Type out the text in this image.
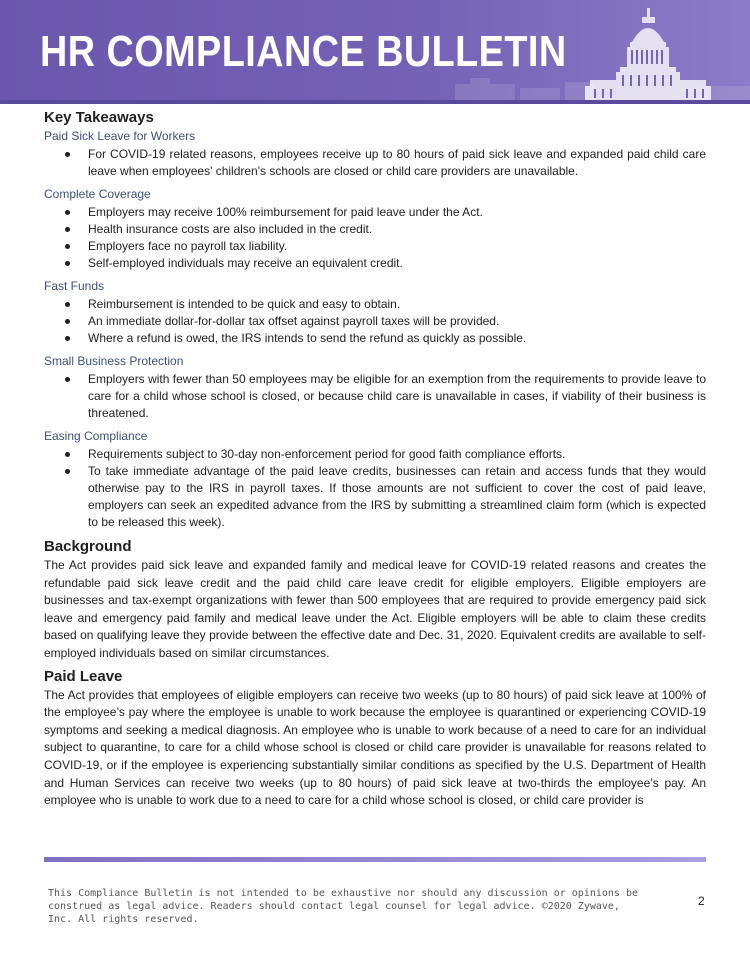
HR COMPLIANCE BULLETIN
Key Takeaways

Paid Sick Leave for Workers

For COVID-19 related reasons, employees receive up to 80 hours of paid sick leave and expanded paid child care leave when employees' children's schools are closed or child care providers are unavailable.

Complete Coverage

Employers may receive 100% reimbursement for paid leave under the Act.
Health insurance costs are also included in the credit.
Employers face no payroll tax liability.
Self-employed individuals may receive an equivalent credit.

Fast Funds

Reimbursement is intended to be quick and easy to obtain.
An immediate dollar-for-dollar tax offset against payroll taxes will be provided.
Where a refund is owed, the IRS intends to send the refund as quickly as possible.

Small Business Protection

Employers with fewer than 50 employees may be eligible for an exemption from the requirements to provide leave to care for a child whose school is closed, or because child care is unavailable in cases, if viability of their business is threatened.

Easing Compliance

Requirements subject to 30-day non-enforcement period for good faith compliance efforts.
To take immediate advantage of the paid leave credits, businesses can retain and access funds that they would otherwise pay to the IRS in payroll taxes. If those amounts are not sufficient to cover the cost of paid leave, employers can seek an expedited advance from the IRS by submitting a streamlined claim form (which is expected to be released this week).
Background

The Act provides paid sick leave and expanded family and medical leave for COVID-19 related reasons and creates the refundable paid sick leave credit and the paid child care leave credit for eligible employers. Eligible employers are businesses and tax-exempt organizations with fewer than 500 employees that are required to provide emergency paid sick leave and emergency paid family and medical leave under the Act. Eligible employers will be able to claim these credits based on qualifying leave they provide between the effective date and Dec. 31, 2020. Equivalent credits are available to self-employed individuals based on similar circumstances.

Paid Leave

The Act provides that employees of eligible employers can receive two weeks (up to 80 hours) of paid sick leave at 100% of the employee’s pay where the employee is unable to work because the employee is quarantined or experiencing COVID-19 symptoms and seeking a medical diagnosis. An employee who is unable to work because of a need to care for an individual subject to quarantine, to care for a child whose school is closed or child care provider is unavailable for reasons related to COVID-19, or if the employee is experiencing substantially similar conditions as specified by the U.S. Department of Health and Human Services can receive two weeks (up to 80 hours) of paid sick leave at two-thirds the employee’s pay. An employee who is unable to work due to a need to care for a child whose school is closed, or child care provider is

This Compliance Bulletin is not intended to be exhaustive nor should any discussion or opinions be construed as legal advice. Readers should contact legal counsel for legal advice. ©2020 Zywave, Inc. All rights reserved.
2
